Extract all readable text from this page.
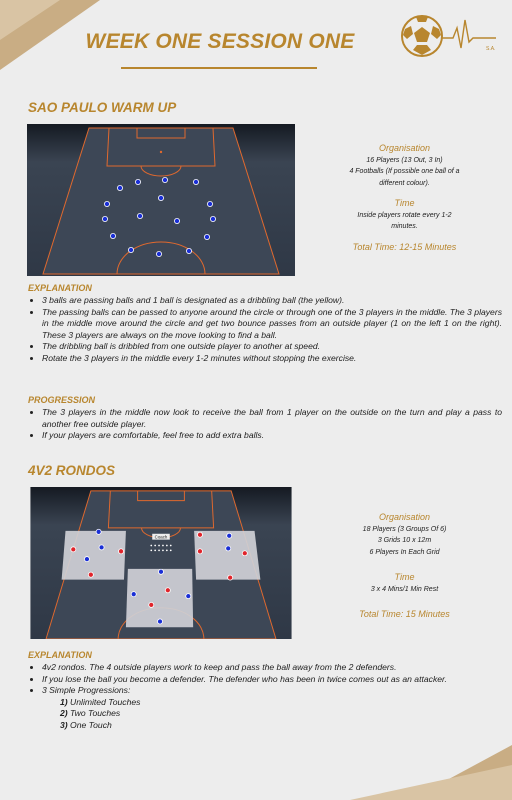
WEEK ONE SESSION ONE	S.A.
SAO PAULO WARM UP

Organisation

16 Players (13 Out, 3 In)

4 Footballs (If possible one ball of a

different colour).

Time

Inside players rotate every 1-2

minutes.

Total Time: 12-15 Minutes

EXPLANATION
• 3 balls are passing balls and 1 ball is designated as a dribbling ball (the yellow).
• The passing balls can be passed to anyone around the circle or through one of the 3 players in the middle. The 3 players in the middle move around the circle and get two bounce passes from an outside player (1 on the left 1 on the right). These 3 players are always on the move looking to find a ball.
• The dribbling ball is dribbled from one outside player to another at speed.
• Rotate the 3 players in the middle every 1-2 minutes without stopping the exercise.
PROGRESSION
• The 3 players in the middle now look to receive the ball from 1 player on the outside on the turn and play a pass to another free outside player.
• If your players are comfortable, feel free to add extra balls.
4V2 RONDOS
Coach

Organisation

18 Players (3 Groups Of 6)

3 Grids 10 x 12m

6 Players In Each Grid

Time

3 x 4 Mins/1 Min Rest

Total Time: 15 Minutes

EXPLANATION
• 4v2 rondos. The 4 outside players work to keep and pass the ball away from the 2 defenders.
• If you lose the ball you become a defender. The defender who has been in twice comes out as an attacker.
• 3 Simple Progressions:
1) Unlimited Touches
2) Two Touches
3) One Touch
